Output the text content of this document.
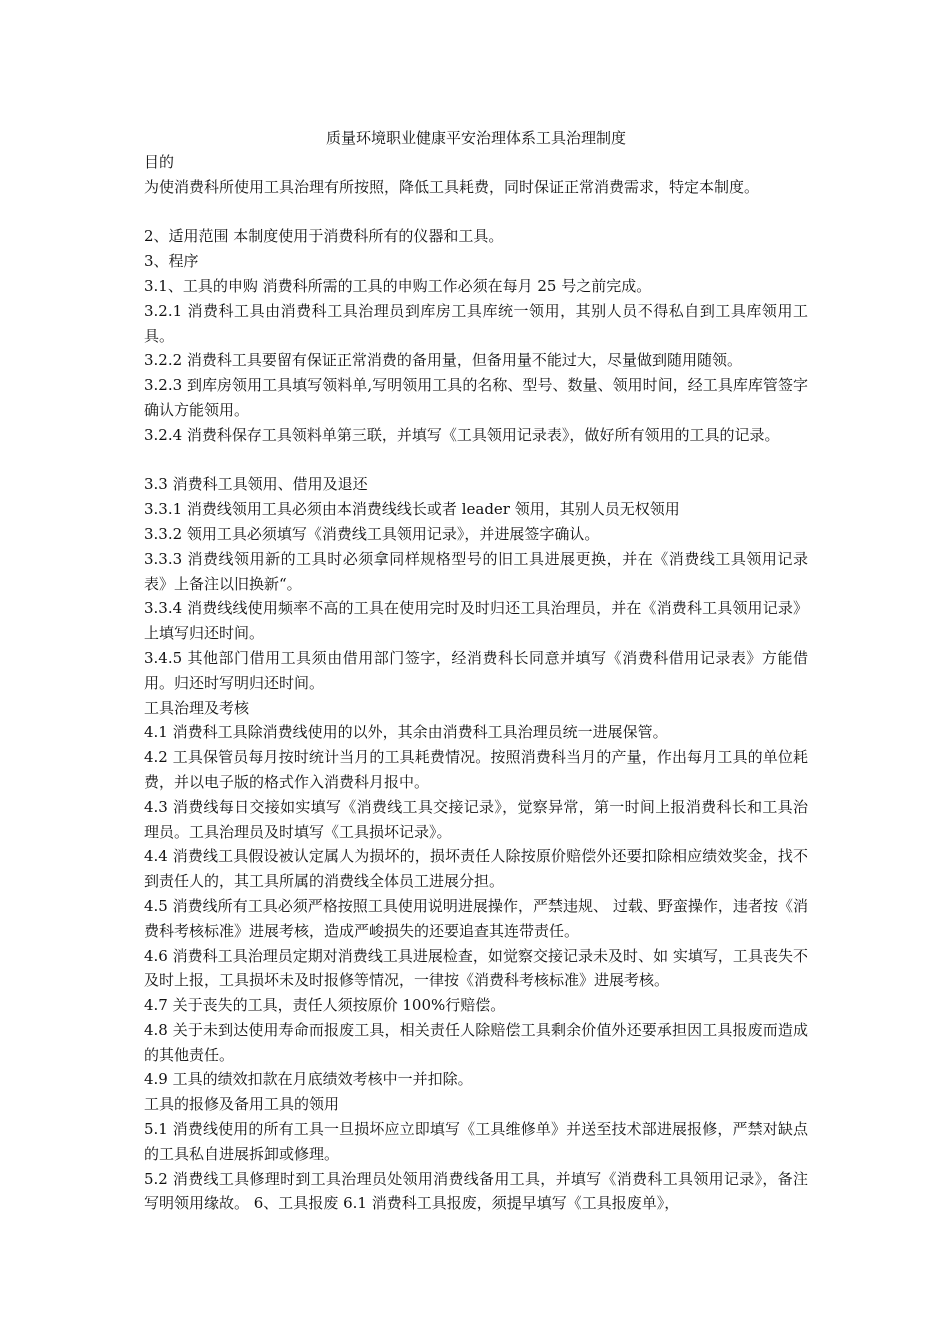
质量环境职业健康平安治理体系工具治理制度

目的

为使消费科所使用工具治理有所按照，降低工具耗费，同时保证正常消费需求，特定本制度。

2、适用范围 本制度使用于消费科所有的仪器和工具。

3、程序

3.1、工具的申购 消费科所需的工具的申购工作必须在每月 25 号之前完成。

3.2.1 消费科工具由消费科工具治理员到库房工具库统一领用，其别人员不得私自到工具库领用工具。

3.2.2 消费科工具要留有保证正常消费的备用量，但备用量不能过大，尽量做到随用随领。

3.2.3 到库房领用工具填写领料单,写明领用工具的名称、型号、数量、领用时间，经工具库库管签字确认方能领用。

3.2.4 消费科保存工具领料单第三联，并填写《工具领用记录表》，做好所有领用的工具的记录。

3.3 消费科工具领用、借用及退还

3.3.1 消费线领用工具必须由本消费线线长或者 leader 领用，其别人员无权领用

3.3.2 领用工具必须填写《消费线工具领用记录》，并进展签字确认。

3.3.3 消费线领用新的工具时必须拿同样规格型号的旧工具进展更换，并在《消费线工具领用记录表》上备注以旧换新“。

3.3.4 消费线线使用频率不高的工具在使用完时及时归还工具治理员，并在《消费科工具领用记录》上填写归还时间。

3.4.5 其他部门借用工具须由借用部门签字，经消费科长同意并填写《消费科借用记录表》方能借用。归还时写明归还时间。

工具治理及考核

4.1 消费科工具除消费线使用的以外，其余由消费科工具治理员统一进展保管。

4.2 工具保管员每月按时统计当月的工具耗费情况。按照消费科当月的产量，作出每月工具的单位耗费，并以电子版的格式作入消费科月报中。

4.3 消费线每日交接如实填写《消费线工具交接记录》，觉察异常，第一时间上报消费科长和工具治理员。工具治理员及时填写《工具损坏记录》。

4.4 消费线工具假设被认定属人为损坏的，损坏责任人除按原价赔偿外还要扣除相应绩效奖金，找不到责任人的，其工具所属的消费线全体员工进展分担。

4.5 消费线所有工具必须严格按照工具使用说明进展操作，严禁违规、 过载、野蛮操作，违者按《消费科考核标准》进展考核，造成严峻损失的还要追查其连带责任。

4.6 消费科工具治理员定期对消费线工具进展检查，如觉察交接记录未及时、如 实填写，工具丧失不及时上报，工具损坏未及时报修等情况，一律按《消费科考核标准》进展考核。

4.7 关于丧失的工具，责任人须按原价 100%行赔偿。

4.8 关于未到达使用寿命而报废工具，相关责任人除赔偿工具剩余价值外还要承担因工具报废而造成的其他责任。

4.9 工具的绩效扣款在月底绩效考核中一并扣除。

工具的报修及备用工具的领用

5.1 消费线使用的所有工具一旦损坏应立即填写《工具维修单》并送至技术部进展报修，严禁对缺点的工具私自进展拆卸或修理。

5.2 消费线工具修理时到工具治理员处领用消费线备用工具，并填写《消费科工具领用记录》，备注写明领用缘故。 6、工具报废 6.1 消费科工具报废，须提早填写《工具报废单》，
